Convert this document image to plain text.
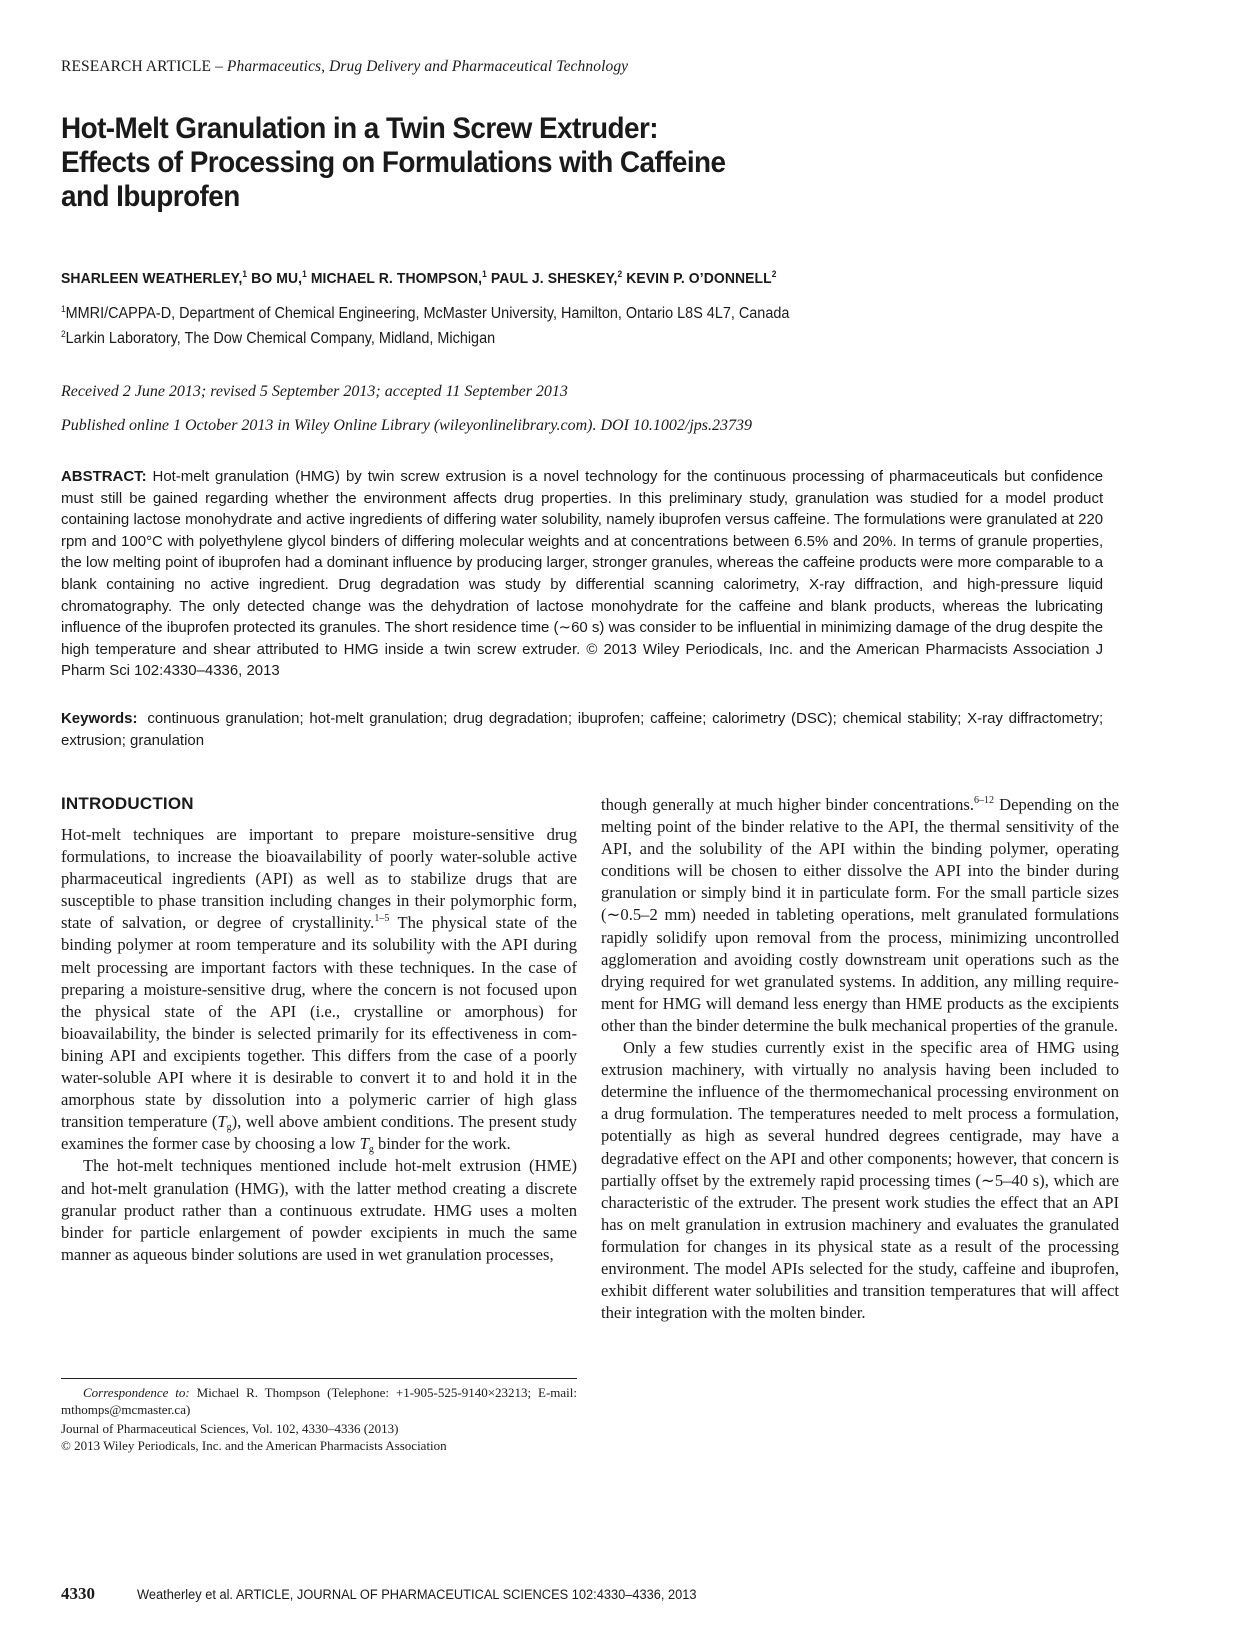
RESEARCH ARTICLE – Pharmaceutics, Drug Delivery and Pharmaceutical Technology
Hot-Melt Granulation in a Twin Screw Extruder:
Effects of Processing on Formulations with Caffeine
and Ibuprofen
SHARLEEN WEATHERLEY,$^1$ BO MU,$^1$ MICHAEL R. THOMPSON,$^1$ PAUL J. SHESKEY,$^2$ KEVIN P. O’DONNELL$^2$
$^1$MMRI/CAPPA-D, Department of Chemical Engineering, McMaster University, Hamilton, Ontario L8S 4L7, Canada
$^2$Larkin Laboratory, The Dow Chemical Company, Midland, Michigan
Received 2 June 2013; revised 5 September 2013; accepted 11 September 2013
Published online 1 October 2013 in Wiley Online Library (wileyonlinelibrary.com). DOI 10.1002/jps.23739
ABSTRACT: Hot-melt granulation (HMG) by twin screw extrusion is a novel technology for the continuous processing of pharmaceuticals but confidence must still be gained regarding whether the environment affects drug properties. In this preliminary study, granulation was studied for a model product containing lactose monohydrate and active ingredients of differing water solubility, namely ibuprofen versus caffeine. The formulations were granulated at 220 rpm and 100°C with polyethylene glycol binders of differing molecular weights and at concentrations between 6.5% and 20%. In terms of granule properties, the low melting point of ibuprofen had a dominant influence by producing larger, stronger granules, whereas the caffeine products were more comparable to a blank containing no active ingredient. Drug degradation was study by differential scanning calorimetry, X-ray diffraction, and high-pressure liquid chromatography. The only detected change was the dehydration of lactose monohydrate for the caffeine and blank products, whereas the lubricating influence of the ibuprofen protected its granules. The short residence time (∼60 s) was consider to be influential in minimizing damage of the drug despite the high temperature and shear attributed to HMG inside a twin screw extruder. © 2013 Wiley Periodicals, Inc. and the American Pharmacists Association J Pharm Sci 102:4330–4336, 2013
Keywords: continuous granulation; hot-melt granulation; drug degradation; ibuprofen; caffeine; calorimetry (DSC); chemical stability; X-ray diffractometry; extrusion; granulation
INTRODUCTION

Hot-melt techniques are important to prepare moisture-sensitive drug formulations, to increase the bioavailability of poorly water-soluble active pharmaceutical ingredients (API) as well as to stabilize drugs that are susceptible to phase transition including changes in their polymorphic form, state of salvation, or degree of crystallinity.$^{1-5}$ The physical state of the binding polymer at room temperature and its solubility with the API during melt processing are important factors with these techniques. In the case of preparing a moisture-sensitive drug, where the concern is not focused upon the physical state of the API (i.e., crystalline or amorphous) for bioavailability, the binder is selected primarily for its effectiveness in combining API and excipients together. This differs from the case of a poorly water-soluble API where it is desirable to convert it to and hold it in the amorphous state by dissolution into a polymeric carrier of high glass transition temperature $(T_g)$, well above ambient conditions. The present study examines the former case by choosing a low $T_g$ binder for the work.

The hot-melt techniques mentioned include hot-melt extrusion (HME) and hot-melt granulation (HMG), with the latter method creating a discrete granular product rather than a continuous extrudate. HMG uses a molten binder for particle enlargement of powder excipients in much the same manner as aqueous binder solutions are used in wet granulation processes,

though generally at much higher binder concentrations.$^{6-12}$ Depending on the melting point of the binder relative to the API, the thermal sensitivity of the API, and the solubility of the API within the binding polymer, operating conditions will be chosen to either dissolve the API into the binder during granulation or simply bind it in particulate form. For the small particle sizes (∼0.5–2 mm) needed in tableting operations, melt granulated formulations rapidly solidify upon removal from the process, minimizing uncontrolled agglomeration and avoiding costly downstream unit operations such as the drying required for wet granulated systems. In addition, any milling requirement for HMG will demand less energy than HME products as the excipients other than the binder determine the bulk mechanical properties of the granule.

Only a few studies currently exist in the specific area of HMG using extrusion machinery, with virtually no analysis having been included to determine the influence of the thermomechanical processing environment on a drug formulation. The temperatures needed to melt process a formulation, potentially as high as several hundred degrees centigrade, may have a degradative effect on the API and other components; however, that concern is partially offset by the extremely rapid processing times (∼5–40 s), which are characteristic of the extruder. The present work studies the effect that an API has on melt granulation in extrusion machinery and evaluates the granulated formulation for changes in its physical state as a result of the processing environment. The model APIs selected for the study, caffeine and ibuprofen, exhibit different water solubilities and transition temperatures that will affect their integration with the molten binder.

Correspondence to: Michael R. Thompson (Telephone: +1-905-525-9140×23213; E-mail: mthomps@mcmaster.ca)
Journal of Pharmaceutical Sciences, Vol. 102, 4330–4336 (2013)
© 2013 Wiley Periodicals, Inc. and the American Pharmacists Association
4330	Weatherley et al. ARTICLE, JOURNAL OF PHARMACEUTICAL SCIENCES 102:4330–4336, 2013
